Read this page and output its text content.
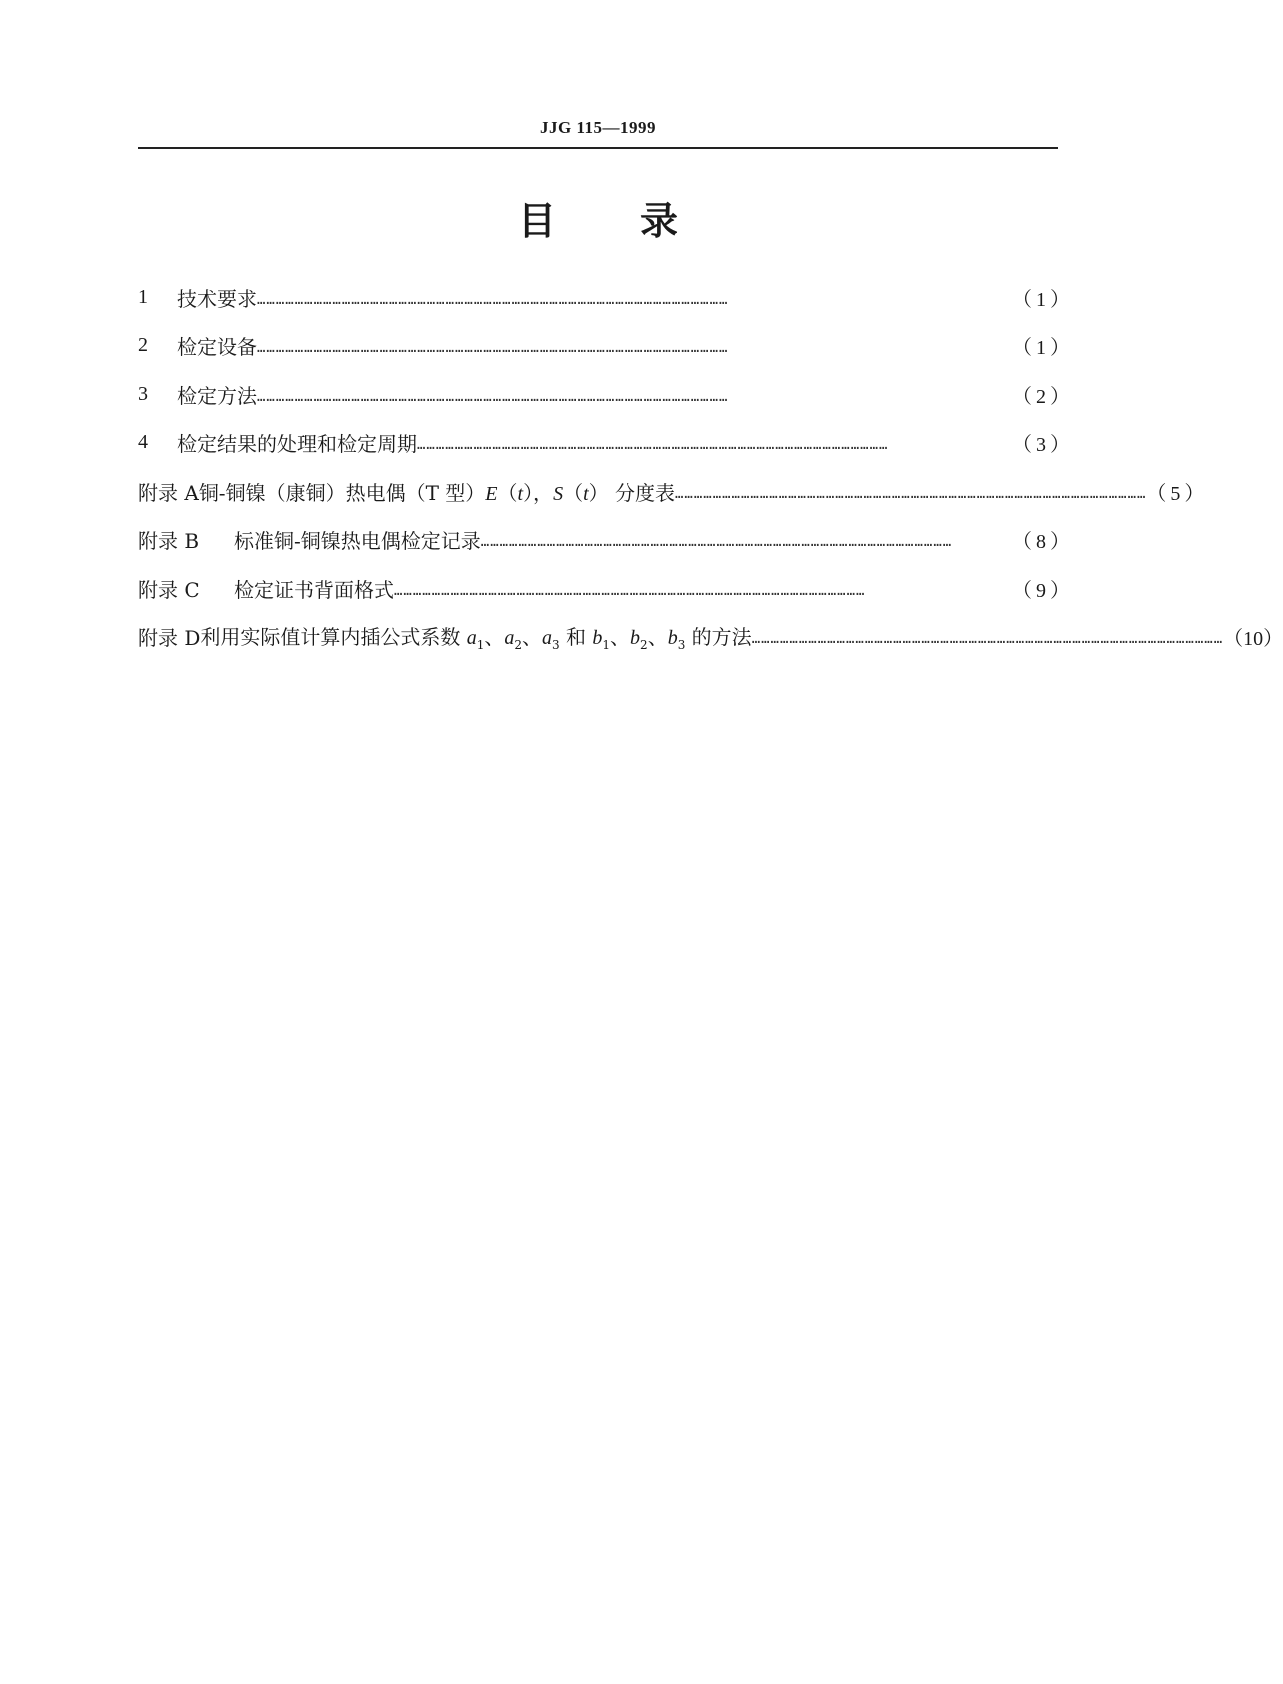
JJG 115—1999
目 录
1	技术要求 ……………………………………………………………………………………………………………………………………	（1）
2	检定设备 ……………………………………………………………………………………………………………………………………	（1）
3	检定方法 ……………………………………………………………………………………………………………………………………	（2）
4	检定结果的处理和检定周期 ……………………………………………………………………………………………………………………………………	（3）
附录 A 铜-铜镍（康铜）热电偶（T 型）E（t），S（t） 分度表 …………………………………………………………………………………………………………………………………… （5）
附录 B	标准铜-铜镍热电偶检定记录 ……………………………………………………………………………………………………………………………………	（8）
附录 C	检定证书背面格式 ……………………………………………………………………………………………………………………………………	（9）
附录 D 利用实际值计算内插公式系数 $a_1$、$a_2$、$a_3$ 和 $b_1$、$b_2$、$b_3$ 的方法 …………………………………………………………………………………………………………………………………… （10）
